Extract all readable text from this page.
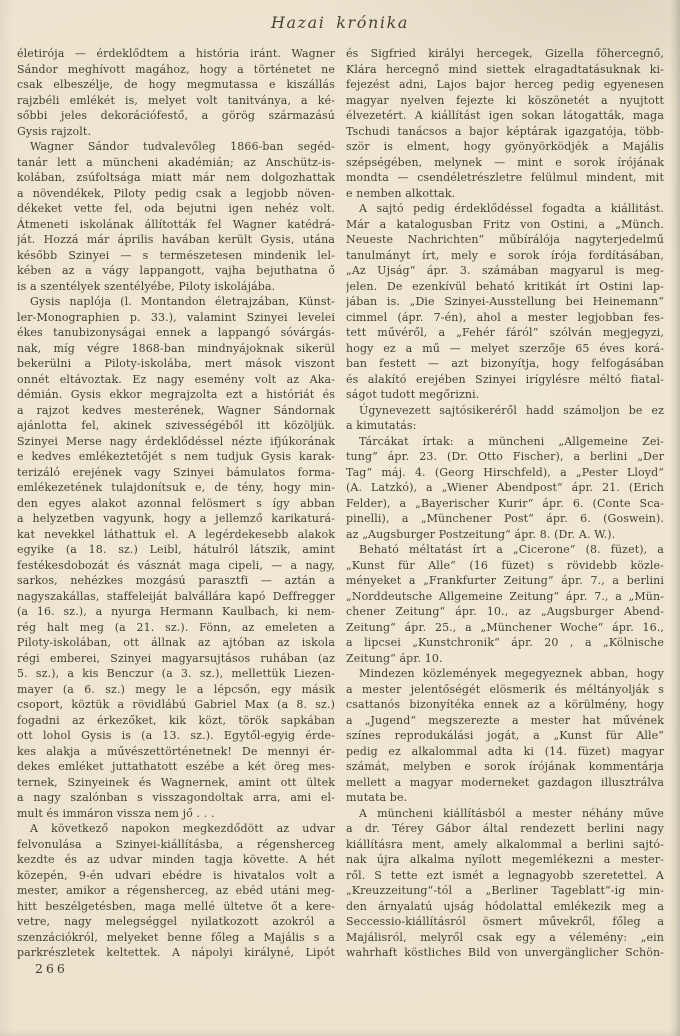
Hazai krónika
életirója — érdeklődtem a história iránt. Wagner
Sándor meghívott magához, hogy a történetet ne
csak elbeszélje, de hogy megmutassa e kiszállás
rajzbéli emlékét is, melyet volt tanitványa, a ké-
sőbbi jeles dekorációfestő, a görög származású
Gysis rajzolt.
Wagner Sándor tudvalevőleg 1866-ban segéd-
tanár lett a müncheni akadémián; az Anschütz-is-
kolában, zsúfoltsága miatt már nem dolgozhattak
a növendékek, Piloty pedig csak a legjobb növen-
dékeket vette fel, oda bejutni igen nehéz volt.
Átmeneti iskolának állították fel Wagner katédrá-
ját. Hozzá már április havában került Gysis, utána
később Szinyei — s természetesen mindenik lel-
kében az a vágy lappangott, vajha bejuthatna ő
is a szentélyek szentélyébe, Piloty iskolájába.
Gysis naplója (l. Montandon életrajzában, Künst-
ler-Monographien p. 33.), valamint Szinyei levelei
ékes tanubizonyságai ennek a lappangó sóvárgás-
nak, míg végre 1868-ban mindnyájoknak sikerül
bekerülni a Piloty-iskolába, mert mások viszont
onnét eltávoztak. Ez nagy esemény volt az Aka-
démián. Gysis ekkor megrajzolta ezt a históriát és
a rajzot kedves mesterének, Wagner Sándornak
ajánlotta fel, akinek szivességéből itt közöljük.
Szinyei Merse nagy érdeklődéssel nézte ifjúkorának
e kedves emlékeztetőjét s nem tudjuk Gysis karak-
terizáló erejének vagy Szinyei bámulatos forma-
emlékezetének tulajdonítsuk e, de tény, hogy min-
den egyes alakot azonnal felösmert s így abban
a helyzetben vagyunk, hogy a jellemző karikaturá-
kat nevekkel láthattuk el. A legérdekesebb alakok
egyike (a 18. sz.) Leibl, hátulról látszik, amint
festékesdobozát és vásznát maga cipeli, — a nagy,
sarkos, nehézkes mozgású parasztfi — aztán a
nagyszakállas, staffeleiját balvállára kapó Deffregger
(a 16. sz.), a nyurga Hermann Kaulbach, ki nem-
rég halt meg (a 21. sz.). Fönn, az emeleten a
Piloty-iskolában, ott állnak az ajtóban az iskola
régi emberei, Szinyei magyarsujtásos ruhában (az
5. sz.), a kis Benczur (a 3. sz.), mellettük Liezen-
mayer (a 6. sz.) megy le a lépcsőn, egy másik
csoport, köztük a rövidlábú Gabriel Max (a 8. sz.)
fogadni az érkezőket, kik közt, török sapkában
ott lohol Gysis is (a 13. sz.). Egytől-egyig érde-
kes alakja a művészettörténetnek! De mennyi ér-
dekes emléket juttathatott eszébe a két öreg mes-
ternek, Szinyeinek és Wagnernek, amint ott ültek
a nagy szalónban s visszagondoltak arra, ami el-
mult és immáron vissza nem jő . . .
A következő napokon megkezdődött az udvar
felvonulása a Szinyei-kiállításba, a régensherceg
kezdte és az udvar minden tagja követte. A hét
közepén, 9-én udvari ebédre is hivatalos volt a
mester, amikor a régensherceg, az ebéd utáni meg-
hitt beszélgetésben, maga mellé ültetve őt a kere-
vetre, nagy melegséggel nyilatkozott azokról a
szenzációkról, melyeket benne főleg a Majális s a
parkrészletek keltettek. A nápolyi királyné, Lipót
és Sigfried királyi hercegek, Gizella főhercegnő,
Klára hercegnő mind siettek elragadtatásuknak ki-
fejezést adni, Lajos bajor herceg pedig egyenesen
magyar nyelven fejezte ki köszönetét a nyujtott
élvezetért. A kiállítást igen sokan látogatták, maga
Tschudi tanácsos a bajor képtárak igazgatója, több-
ször is elment, hogy gyönyörködjék a Majális
szépségében, melynek — mint e sorok írójának
mondta — csendéletrészletre felülmul mindent, mit
e nemben alkottak.
A sajtó pedig érdeklődéssel fogadta a kiállitást.
Már a katalogusban Fritz von Ostini, a „Münch.
Neueste Nachrichten“ műbírálója nagyterjedelmű
tanulmányt írt, mely e sorok írója fordításában,
„Az Ujság“ ápr. 3. számában magyarul is meg-
jelen. De ezenkívül beható kritikát írt Ostini lap-
jában is. „Die Szinyei-Ausstellung bei Heinemann“
cimmel (ápr. 7-én), ahol a mester legjobban fes-
tett művéről, a „Fehér fáról“ szólván megjegyzi,
hogy ez a mű — melyet szerzője 65 éves korá-
ban festett — azt bizonyítja, hogy felfogásában
és alakító erejében Szinyei irígylésre méltó fiatal-
ságot tudott megőrizni.
Úgynevezett sajtósikeréről hadd számoljon be ez
a kimutatás:
Tárcákat írtak: a müncheni „Allgemeine Zei-
tung“ ápr. 23. (Dr. Otto Fischer), a berlini „Der
Tag“ máj. 4. (Georg Hirschfeld), a „Pester Lloyd“
(A. Latzkó), a „Wiener Abendpost“ ápr. 21. (Erich
Felder), a „Bayerischer Kurir“ ápr. 6. (Conte Sca-
pinelli), a „Münchener Post“ ápr. 6. (Goswein).
az „Augsburger Postzeitung“ ápr. 8. (Dr. A. W.).
Beható méltatást írt a „Cicerone“ (8. füzet), a
„Kunst für Alle“ (16 füzet) s rövidebb közle-
ményeket a „Frankfurter Zeitung“ ápr. 7., a berlini
„Norddeutsche Allgemeine Zeitung“ ápr. 7., a „Mün-
chener Zeitung“ ápr. 10., az „Augsburger Abend-
Zeitung“ ápr. 25., a „Münchener Woche“ ápr. 16.,
a lipcsei „Kunstchronik“ ápr. 20 , a „Kölnische
Zeitung“ ápr. 10.
Mindezen közlemények megegyeznek abban, hogy
a mester jelentőségét elösmerik és méltányolják s
csattanós bizonyítéka ennek az a körülmény, hogy
a „Jugend“ megszerezte a mester hat művének
színes reprodukálási jogát, a „Kunst für Alle“
pedig ez alkalommal adta ki (14. füzet) magyar
számát, melyben e sorok írójának kommentárja
mellett a magyar moderneket gazdagon illusztrálva
mutata be.
A müncheni kiállításból a mester néhány műve
a dr. Térey Gábor által rendezett berlini nagy
kiállításra ment, amely alkalommal a berlini sajtó-
nak újra alkalma nyílott megemlékezni a mester-
ről. S tette ezt ismét a legnagyobb szeretettel. A
„Kreuzzeitung“-tól a „Berliner Tageblatt“-ig min-
den árnyalatú ujság hódolattal emlékezik meg a
Seccessio-kiállításról ösmert művekről, főleg a
Majálisról, melyről csak egy a vélemény: „ein
wahrhaft köstliches Bild von unvergänglicher Schön-
266
